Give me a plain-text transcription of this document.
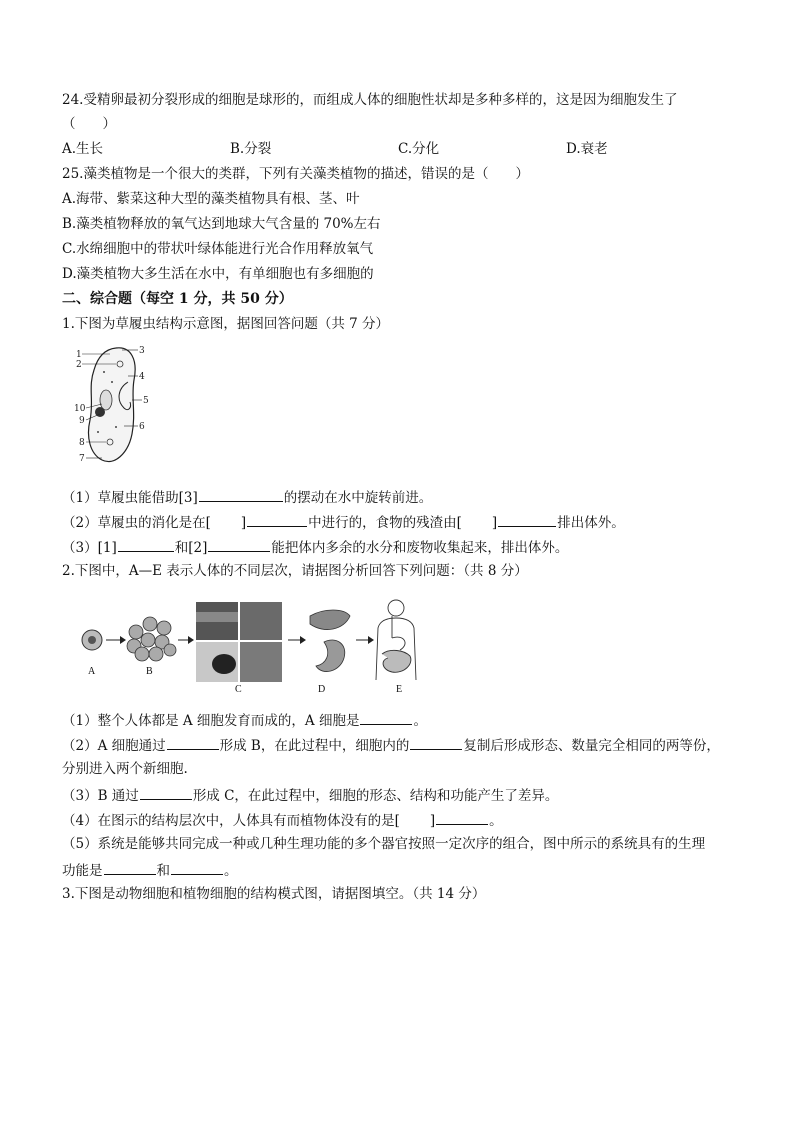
24.受精卵最初分裂形成的细胞是球形的，而组成人体的细胞性状却是多种多样的，这是因为细胞发生了
（　　）
A.生长	B.分裂	C.分化	D.衰老
25.藻类植物是一个很大的类群，下列有关藻类植物的描述，错误的是（　　）
A.海带、紫菜这种大型的藻类植物具有根、茎、叶
B.藻类植物释放的氧气达到地球大气含量的 70%左右
C.水绵细胞中的带状叶绿体能进行光合作用释放氧气
D.藻类植物大多生活在水中，有单细胞也有多细胞的
二、综合题（每空 1 分，共 50 分）
1.下图为草履虫结构示意图，据图回答问题（共 7 分）
1
2
3
4
5
6
7
8
9
10
（1）草履虫能借助[3]	的摆动在水中旋转前进。
（2）草履虫的消化是在[ ]	中进行的，食物的残渣由[ ]	排出体外。
（3）[1]	和[2]	能把体内多余的水分和废物收集起来，排出体外。
2.下图中，A—E 表示人体的不同层次，请据图分析回答下列问题：（共 8 分）
A	B
C	D	E
（1）整个人体都是 A 细胞发育而成的，A 细胞是	。
（2）A 细胞通过	形成 B，在此过程中，细胞内的	复制后形成形态、数量完全相同的两等份，
分别进入两个新细胞.
（3）B 通过	形成 C，在此过程中，细胞的形态、结构和功能产生了差异。
（4）在图示的结构层次中，人体具有而植物体没有的是[ ]	。
（5）系统是能够共同完成一种或几种生理功能的多个器官按照一定次序的组合，图中所示的系统具有的生理
功能是	和	。
3.下图是动物细胞和植物细胞的结构模式图，请据图填空。（共 14 分）
